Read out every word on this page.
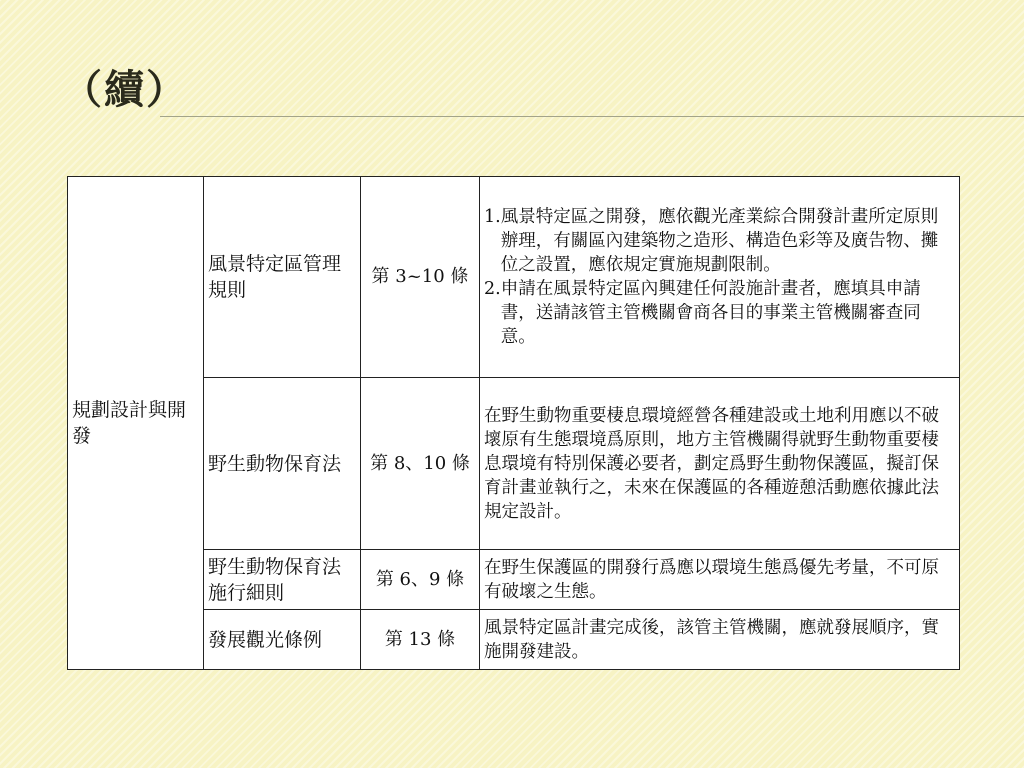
（續）
規劃設計與開發	風景特定區管理規則	第 3~10 條	1. 風景特定區之開發，應依觀光產業綜合開發計畫所定原則辦理，有關區內建築物之造形、構造色彩等及廣告物、攤位之設置，應依規定實施規劃限制。
2. 申請在風景特定區內興建任何設施計畫者，應填具申請書，送請該管主管機關會商各目的事業主管機關審查同意。

	野生動物保育法	第 8、10 條	在野生動物重要棲息環境經營各種建設或土地利用應以不破壞原有生態環境爲原則，地方主管機關得就野生動物重要棲息環境有特別保護必要者，劃定爲野生動物保護區，擬訂保育計畫並執行之，未來在保護區的各種遊憩活動應依據此法規定設計。
	野生動物保育法施行細則	第 6、9 條	在野生保護區的開發行爲應以環境生態爲優先考量，不可原有破壞之生態。
	發展觀光條例	第 13 條	風景特定區計畫完成後，該管主管機關，應就發展順序，實施開發建設。
